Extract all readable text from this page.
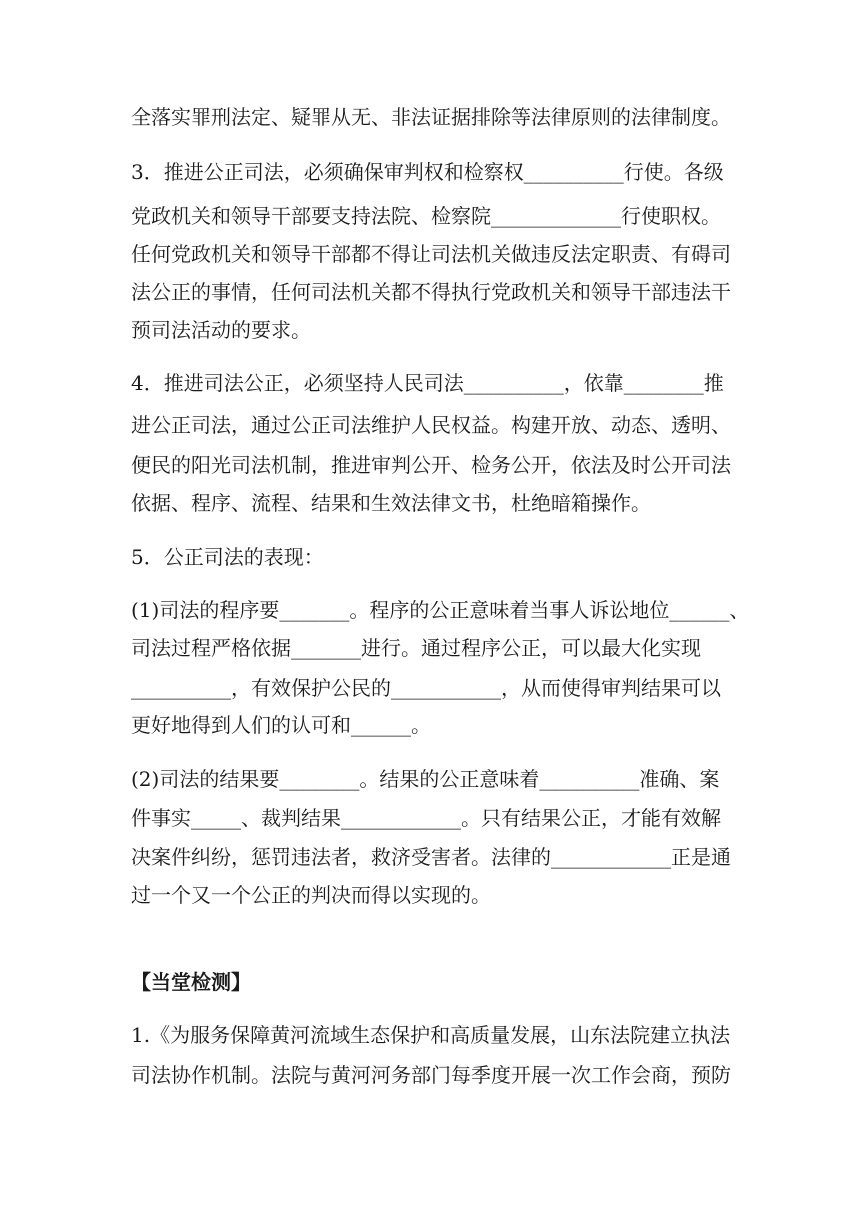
全落实罪刑法定、疑罪从无、非法证据排除等法律原则的法律制度。
3．推进公正司法，必须确保审判权和检察权__________行使。各级
党政机关和领导干部要支持法院、检察院_____________行使职权。
任何党政机关和领导干部都不得让司法机关做违反法定职责、有碍司
法公正的事情，任何司法机关都不得执行党政机关和领导干部违法干
预司法活动的要求。
4．推进司法公正，必须坚持人民司法__________，依靠________推
进公正司法，通过公正司法维护人民权益。构建开放、动态、透明、
便民的阳光司法机制，推进审判公开、检务公开，依法及时公开司法
依据、程序、流程、结果和生效法律文书，杜绝暗箱操作。
5．公正司法的表现：
(1)司法的程序要_______。程序的公正意味着当事人诉讼地位______、
司法过程严格依据_______进行。通过程序公正，可以最大化实现
__________，有效保护公民的___________，从而使得审判结果可以
更好地得到人们的认可和______。
(2)司法的结果要________。结果的公正意味着__________准确、案
件事实_____、裁判结果____________。只有结果公正，才能有效解
决案件纠纷，惩罚违法者，救济受害者。法律的____________正是通
过一个又一个公正的判决而得以实现的。
【当堂检测】
1.《为服务保障黄河流域生态保护和高质量发展，山东法院建立执法
司法协作机制。法院与黄河河务部门每季度开展一次工作会商，预防
